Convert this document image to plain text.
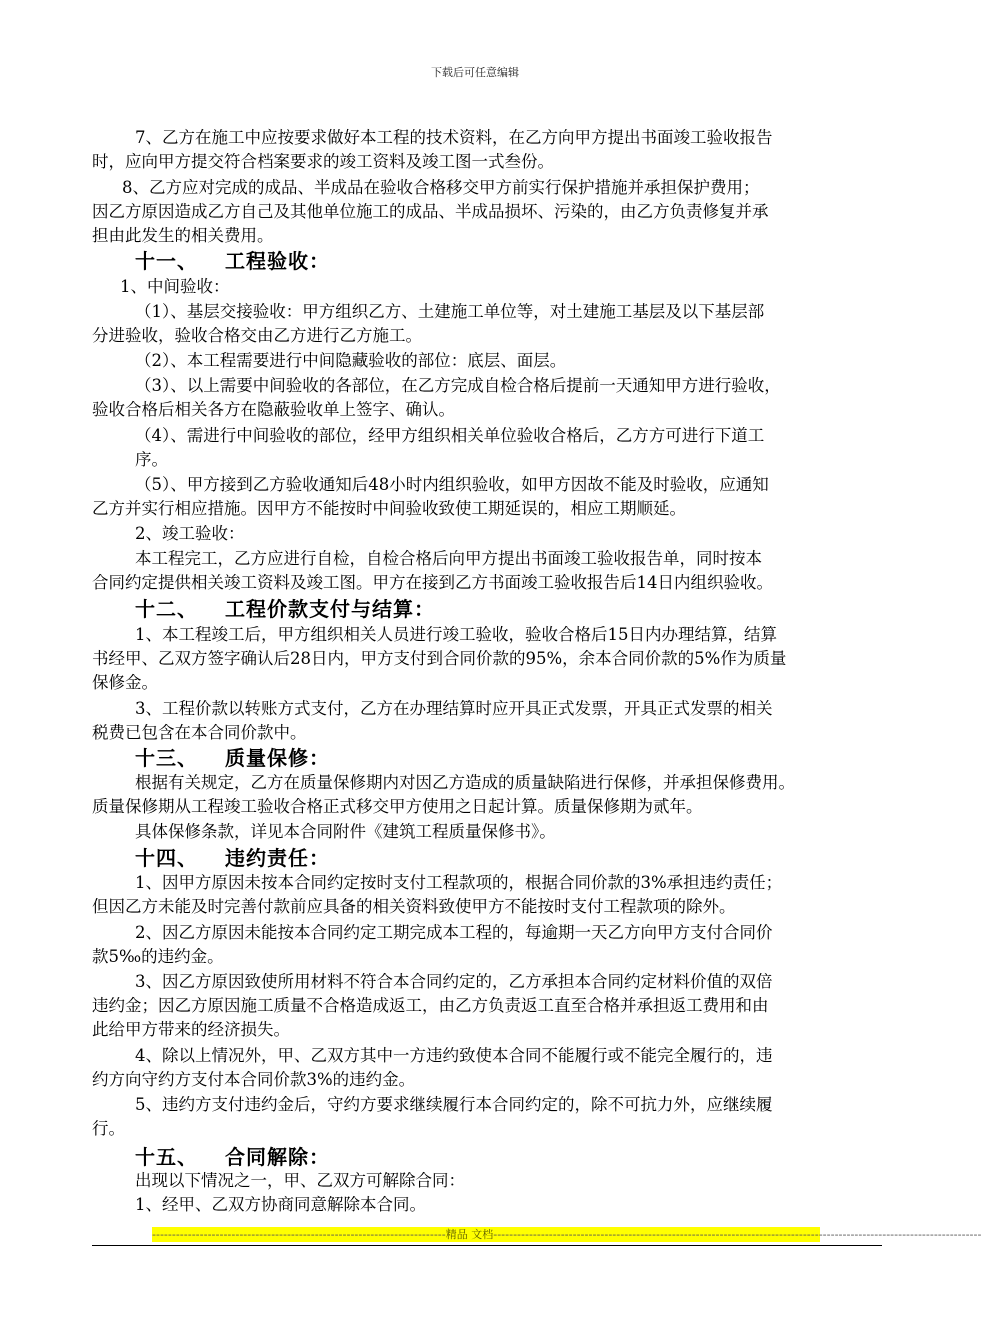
下载后可任意编辑
7、乙方在施工中应按要求做好本工程的技术资料，在乙方向甲方提出书面竣工验收报告
时，应向甲方提交符合档案要求的竣工资料及竣工图一式叁份。
8、乙方应对完成的成品、半成品在验收合格移交甲方前实行保护措施并承担保护费用；
因乙方原因造成乙方自己及其他单位施工的成品、半成品损坏、污染的，由乙方负责修复并承
担由此发生的相关费用。
十一、 工程验收：
1、中间验收：
（1）、基层交接验收：甲方组织乙方、土建施工单位等，对土建施工基层及以下基层部
分进验收，验收合格交由乙方进行乙方施工。
（2）、本工程需要进行中间隐藏验收的部位：底层、面层。
（3）、以上需要中间验收的各部位，在乙方完成自检合格后提前一天通知甲方进行验收，
验收合格后相关各方在隐蔽验收单上签字、确认。
（4）、需进行中间验收的部位，经甲方组织相关单位验收合格后，乙方方可进行下道工
序。
（5）、甲方接到乙方验收通知后48小时内组织验收，如甲方因故不能及时验收，应通知
乙方并实行相应措施。因甲方不能按时中间验收致使工期延误的，相应工期顺延。
2、竣工验收：
本工程完工，乙方应进行自检，自检合格后向甲方提出书面竣工验收报告单，同时按本
合同约定提供相关竣工资料及竣工图。甲方在接到乙方书面竣工验收报告后14日内组织验收。
十二、 工程价款支付与结算：
1、本工程竣工后，甲方组织相关人员进行竣工验收，验收合格后15日内办理结算，结算
书经甲、乙双方签字确认后28日内，甲方支付到合同价款的95%，余本合同价款的5%作为质量
保修金。
3、工程价款以转账方式支付，乙方在办理结算时应开具正式发票，开具正式发票的相关
税费已包含在本合同价款中。
十三、 质量保修：
根据有关规定，乙方在质量保修期内对因乙方造成的质量缺陷进行保修，并承担保修费用。
质量保修期从工程竣工验收合格正式移交甲方使用之日起计算。质量保修期为贰年。
具体保修条款，详见本合同附件《建筑工程质量保修书》。
十四、 违约责任：
1、因甲方原因未按本合同约定按时支付工程款项的，根据合同价款的3%承担违约责任；
但因乙方未能及时完善付款前应具备的相关资料致使甲方不能按时支付工程款项的除外。
2、因乙方原因未能按本合同约定工期完成本工程的，每逾期一天乙方向甲方支付合同价
款5‰的违约金。
3、因乙方原因致使所用材料不符合本合同约定的，乙方承担本合同约定材料价值的双倍
违约金；因乙方原因施工质量不合格造成返工，由乙方负责返工直至合格并承担返工费用和由
此给甲方带来的经济损失。
4、除以上情况外，甲、乙双方其中一方违约致使本合同不能履行或不能完全履行的，违
约方向守约方支付本合同价款3%的违约金。
5、违约方支付违约金后，守约方要求继续履行本合同约定的，除不可抗力外，应继续履
行。
十五、 合同解除：
出现以下情况之一，甲、乙双方可解除合同：
1、经甲、乙双方协商同意解除本合同。
--------------------------------------------------------------------------精品 文档---------------------------------------------------------------------------------------------------------------------------
